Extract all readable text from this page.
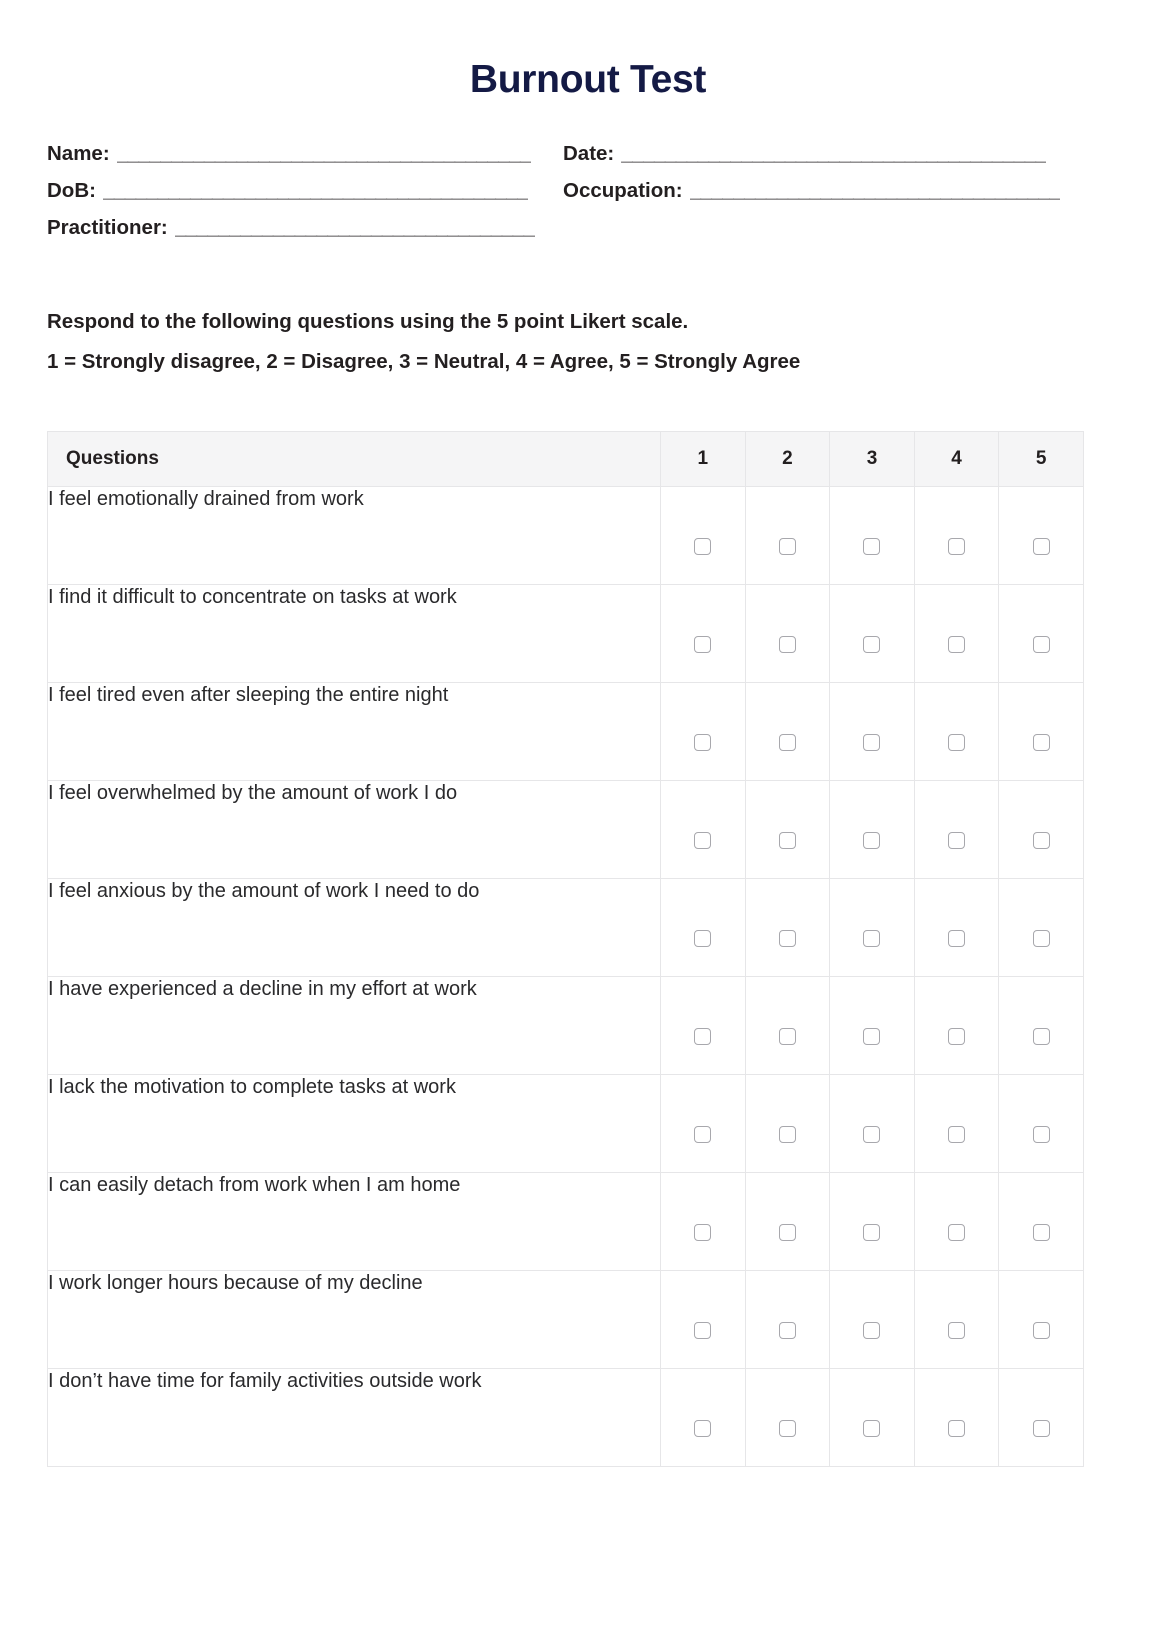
Burnout Test
Name: ______________________________________ Date: _______________________________________
DoB: _______________________________________ Occupation: __________________________________
Practitioner: _________________________________

Respond to the following questions using the 5 point Likert scale.

1 = Strongly disagree, 2 = Disagree, 3 = Neutral, 4 = Agree, 5 = Strongly Agree

Questions	1	2	3	4	5
I feel emotionally drained from work					
I find it difficult to concentrate on tasks at work					
I feel tired even after sleeping the entire night					
I feel overwhelmed by the amount of work I do					
I feel anxious by the amount of work I need to do					
I have experienced a decline in my effort at work					
I lack the motivation to complete tasks at work					
I can easily detach from work when I am home					
I work longer hours because of my decline					
I don’t have time for family activities outside work					
